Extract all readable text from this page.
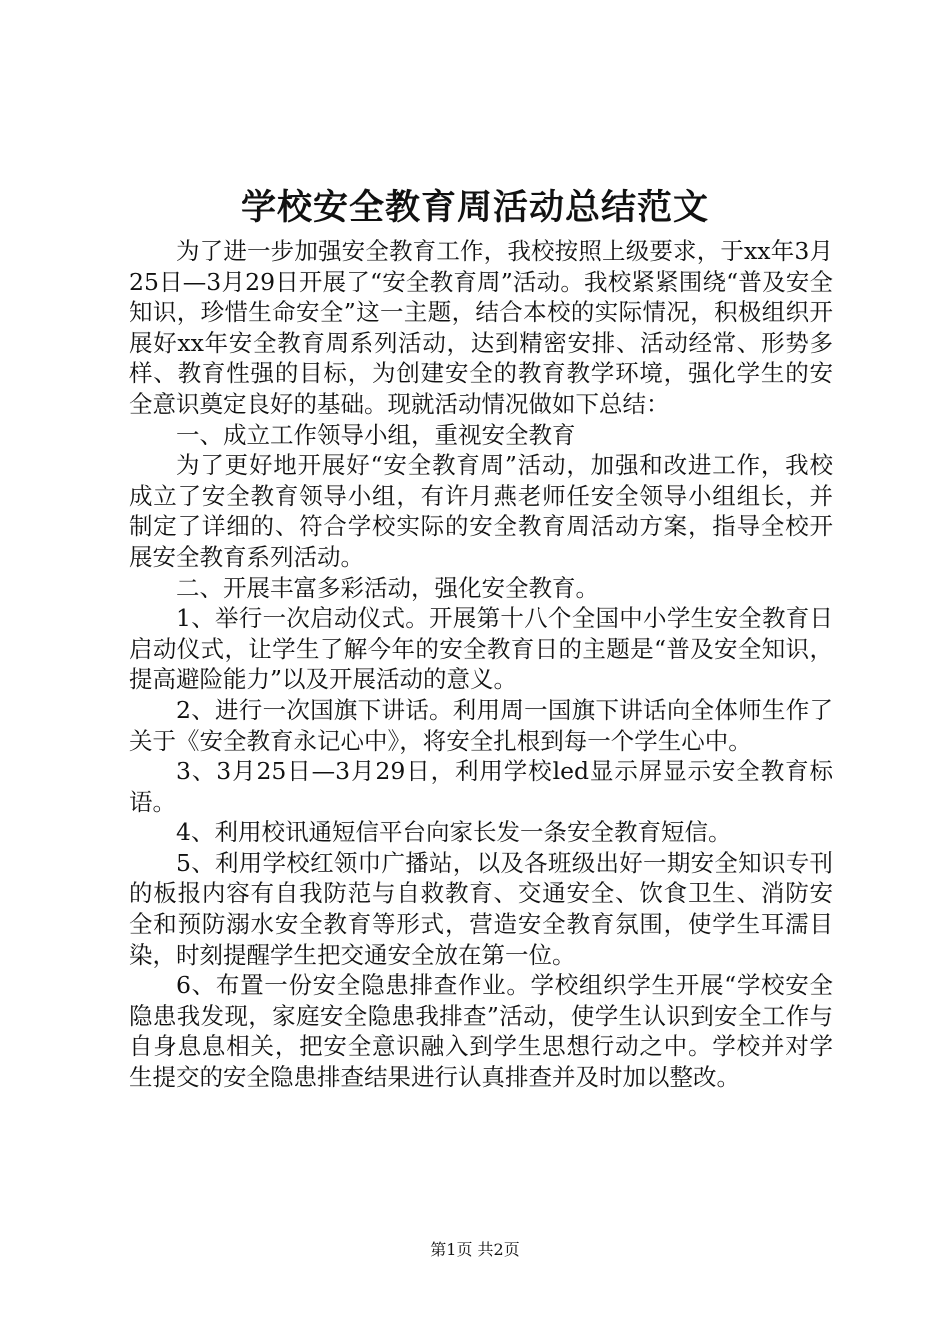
学校安全教育周活动总结范文

为了进一步加强安全教育工作，我校按照上级要求，于xx年3月25日—3月29日开展了“安全教育周”活动。我校紧紧围绕“普及安全知识，珍惜生命安全”这一主题，结合本校的实际情况，积极组织开展好xx年安全教育周系列活动，达到精密安排、活动经常、形势多样、教育性强的目标，为创建安全的教育教学环境，强化学生的安全意识奠定良好的基础。现就活动情况做如下总结：

一、成立工作领导小组，重视安全教育

为了更好地开展好“安全教育周”活动，加强和改进工作，我校成立了安全教育领导小组，有许月燕老师任安全领导小组组长，并制定了详细的、符合学校实际的安全教育周活动方案，指导全校开展安全教育系列活动。

二、开展丰富多彩活动，强化安全教育。

1、举行一次启动仪式。开展第十八个全国中小学生安全教育日启动仪式，让学生了解今年的安全教育日的主题是“普及安全知识，提高避险能力”以及开展活动的意义。

2、进行一次国旗下讲话。利用周一国旗下讲话向全体师生作了关于《安全教育永记心中》，将安全扎根到每一个学生心中。

3、3月25日—3月29日，利用学校led显示屏显示安全教育标语。

4、利用校讯通短信平台向家长发一条安全教育短信。

5、利用学校红领巾广播站，以及各班级出好一期安全知识专刊的板报内容有自我防范与自救教育、交通安全、饮食卫生、消防安全和预防溺水安全教育等形式，营造安全教育氛围，使学生耳濡目染，时刻提醒学生把交通安全放在第一位。

6、布置一份安全隐患排查作业。学校组织学生开展“学校安全隐患我发现，家庭安全隐患我排查”活动，使学生认识到安全工作与自身息息相关，把安全意识融入到学生思想行动之中。学校并对学生提交的安全隐患排查结果进行认真排查并及时加以整改。

第1页 共2页
